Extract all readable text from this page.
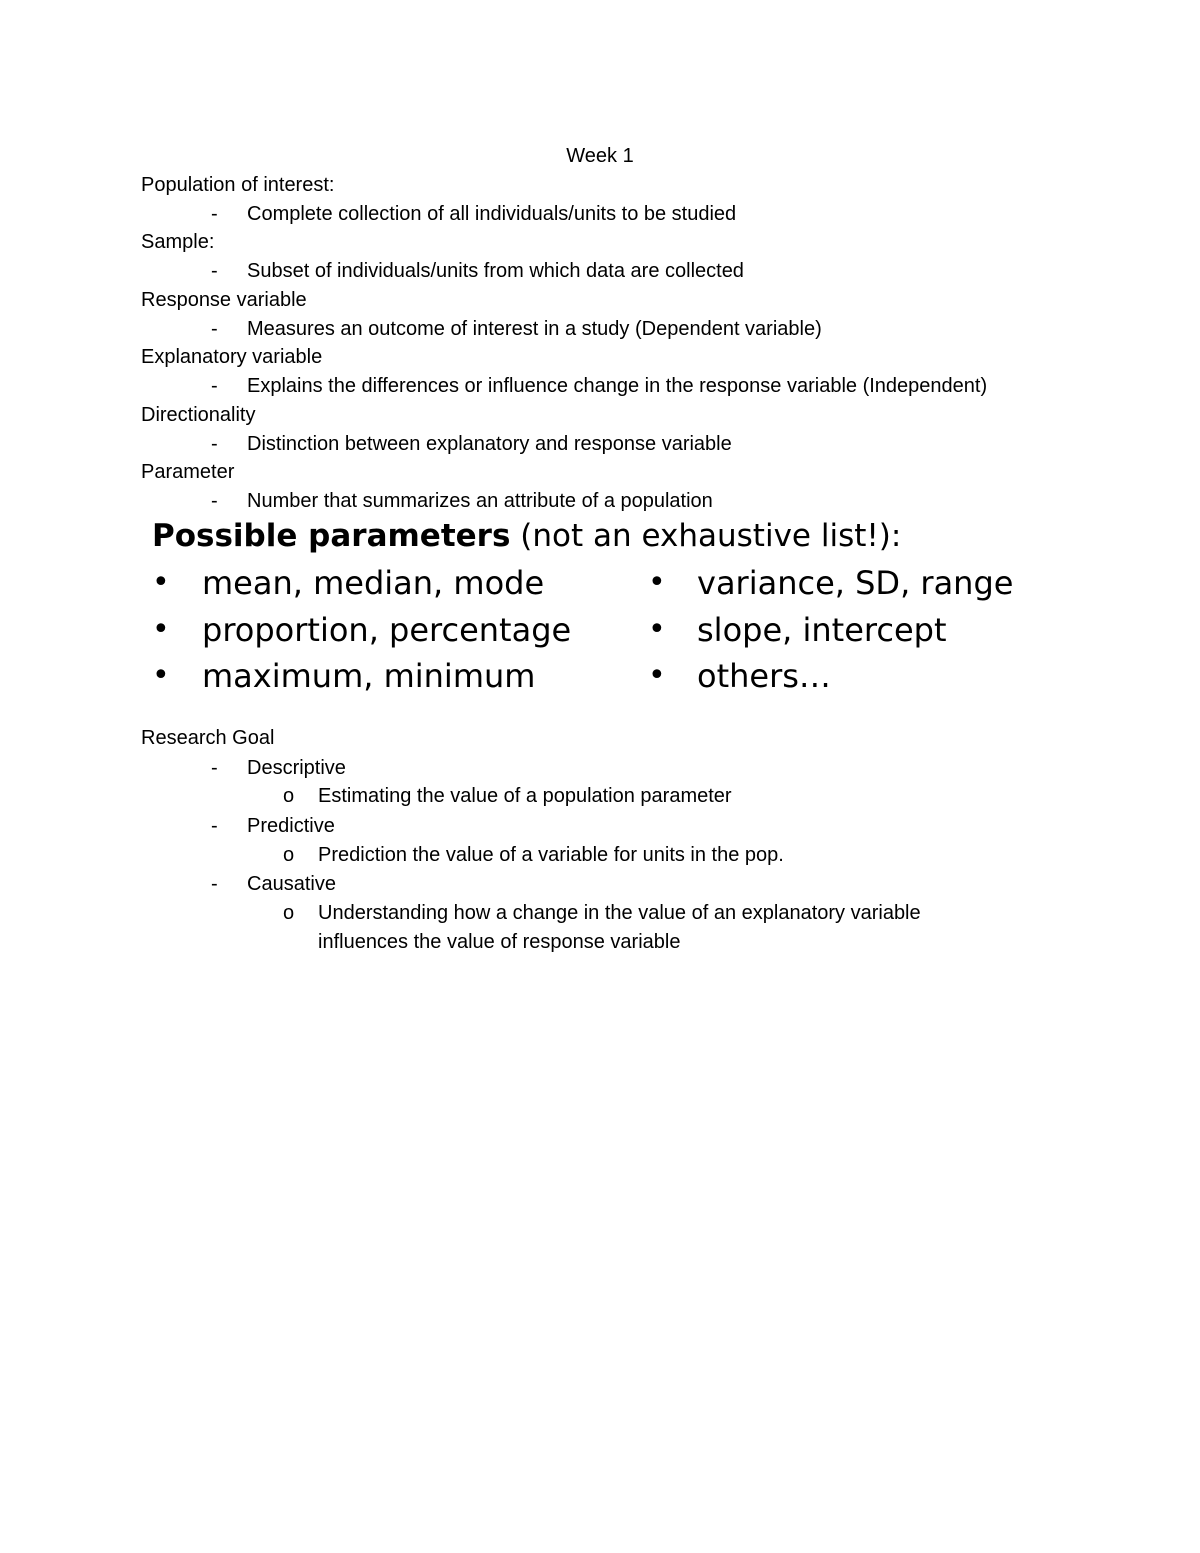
Week 1
Population of interest:
- Complete collection of all individuals/units to be studied
Sample:
- Subset of individuals/units from which data are collected
Response variable
- Measures an outcome of interest in a study (Dependent variable)
Explanatory variable
- Explains the differences or influence change in the response variable (Independent)
Directionality
- Distinction between explanatory and response variable
Parameter
- Number that summarizes an attribute of a population
Possible parameters (not an exhaustive list!):
• mean, median, mode
• proportion, percentage
• maximum, minimum
• variance, SD, range
• slope, intercept
• others…
Research Goal
- Descriptive
o Estimating the value of a population parameter
- Predictive
o Prediction the value of a variable for units in the pop.
- Causative
o Understanding how a change in the value of an explanatory variable
influences the value of response variable
